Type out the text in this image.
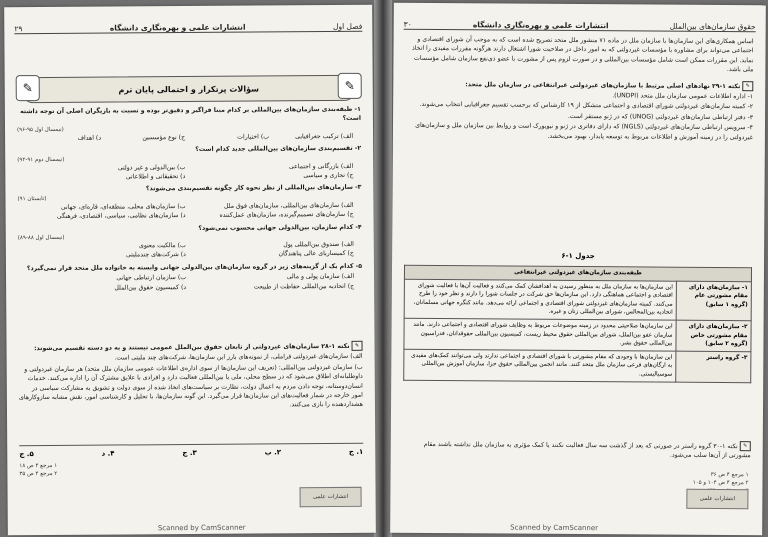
فصل اول
انتشارات علمی و بهره‌نگاری دانشگاه
۲۹
✎
سؤالات پرتکرار و احتمالی پایان ترم
✎

۱- طبقه‌بندی سازمان‌های بین‌المللی بر کدام مبنا فراگیر و دقیق‌تر بوده و نسبت به بازیگران اصلی آن توجه داشته است؟

(نیمسال اول ۹۵-۹۶)
الف) ترکیب جغرافیایی
ب) اختیارات
ج) نوع مؤسسین
د) اهداف

۲- تقسیم‌بندی سازمان‌های بین‌المللی جدید کدام است؟

(نیمسال دوم ۹۱-۹۲)
الف) بازرگانی و اجتماعی
ب) بین‌الدولی و غیر دولتی
ج) تجاری و سیاسی
د) تحقیقاتی و اطلاعاتی

۳- سازمان‌های بین‌المللی از نظر نحوه کار چگونه تقسیم‌بندی می‌شوند؟

(تابستان ۹۱)
الف) سازمان‌های بین‌المللی، سازمان‌های فوق ملل
ب) سازمان‌های محلی، منطقه‌ای، قاره‌ای، جهانی
ج) سازمان‌های تصمیم‌گیرنده، سازمان‌های عمل‌کننده
د) سازمان‌های نظامی، سیاسی، اقتصادی، فرهنگی

۴- کدام سازمان، بین‌الدولی جهانی محسوب نمی‌شود؟

(نیمسال اول ۸۸-۸۹)
الف) صندوق بین‌المللی پول
ب) مالکیت معنوی
ج) کمیساریای عالی پناهندگان
د) شرکت‌های چندملیتی

۵- کدام یک از گزینه‌های زیر در گروه سازمان‌های بین‌الدولی جهانی وابسته به خانواده ملل متحد قرار نمی‌گیرد؟

الف) سازمان پولی و مالی
ب) سازمان ارتباطی جهانی
ج) اتحادیه بین‌المللی حفاظت از طبیعت
د) کمیسیون حقوق بین‌الملل

✎نکته ۱-۲۸ سازمان‌های غیردولتی از تابعان حقوق بین‌الملل عمومی نیستند و به دو دسته تقسیم می‌شوند:

الف) سازمان‌های غیردولتی فراملی، از نمونه‌های بارز این سازمان‌ها، شرکت‌های چند ملیتی است.

ب) سازمان غیردولتی بین‌المللی: (تعریف این سازمان‌ها از سوی اداره‌ی اطلاعات عمومی سازمان ملل متحد) هر سازمان غیردولتی و داوطلبانه‌ای اطلاق می‌شود که در سطح محلی، ملی یا بین‌المللی فعالیت دارد و افرادی با علایق مشترک آن را اداره می‌کنند. خدمات انسان‌دوستانه، توجه دادن مردم به اعمال دولت، نظارت بر سیاست‌های اتخاذ شده از سوی دولت و تشویق به مشارکت سیاسی در امور خارجه در شمار فعالیت‌های این سازمان‌ها قرار می‌گیرد. این گونه سازمان‌ها، با تحلیل و کارشناسی امور، نقش مشابه سازوکارهای هشداردهنده را بازی می‌کنند.

۱. ج
۲. ب
۳. ج
۴. د
۵. ج
۱ مرجع ۴ ص ۱۸
۲ مرجع ۴ ص ۳۵
انتشارات علمی
Scanned by CamScanner
حقوق سازمان‌های بین‌الملل
انتشارات علمی و بهره‌نگاری دانشگاه
۳۰

اساس همکاری‌های این سازمان‌ها با سازمان ملل در ماده ۷۱ منشور ملل متحد تصریح شده است که به موجب آن شورای اقتصادی و اجتماعی می‌تواند برای مشاوره با مؤسسات غیردولتی که به امور داخل در صلاحیت شورا اشتغال دارند هرگونه مقررات مفیدی را اتخاذ نماید. این مقررات ممکن است شامل مؤسسات بین‌المللی و در صورت لزوم پس از مشورت با عضو ذی‌نفع سازمان شامل مؤسسات ملی باشد.

✎نکته ۱-۲۹ نهادهای اصلی مرتبط با سازمان‌های غیردولتی غیرانتفاعی در سازمان ملل متحد:

۱- اداره اطلاعات عمومی سازمان ملل متحد (UNDPI).

۲- کمیته سازمان‌های غیردولتی شورای اقتصادی و اجتماعی متشکل از ۱۹ کارشناس که برحسب تقسیم جغرافیایی انتخاب می‌شوند.

۳- دفتر ارتباطی سازمان‌های غیردولتی (UNOG) که در ژنو مستقر است.

۴- سرویس ارتباطی سازمان‌های غیردولتی (NGLS) که دارای دفاتری در ژنو و نیویورک است و روابط بین سازمان ملل و سازمان‌های غیردولتی را در زمینه آموزش و اطلاعات مربوط به توسعه پایدار، بهبود می‌بخشد.

جدول ۱-۶
طبقه‌بندی سازمان‌های غیردولتی غیرانتفاعی	
۱- سازمان‌های دارای مقام مشورتی عام (گروه ۱ سابق)	این سازمان‌ها به سازمان ملل به منظور رسیدن به اهدافشان کمک می‌کنند و فعالیت آن‌ها با فعالیت شورای اقتصادی و اجتماعی هماهنگی دارد. این سازمان‌ها حق شرکت در جلسات شورا را دارند و نظر خود را طرح می‌کنند. کمیته سازمان‌های غیردولتی شورای اقتصادی و اجتماعی ارائه می‌دهد. مانند کنگره جهانی مسلمانان، اتحادیه بین‌المجالس، شورای بین‌المللی زنان و غیره.
۲- سازمان‌های دارای مقام مشورتی خاص (گروه ۲ سابق)	این سازمان‌ها صلاحیتی محدود در زمینه موضوعات مربوط به وظایف شورای اقتصادی و اجتماعی دارند. مانند سازمان عفو بین‌الملل، شورای بین‌المللی حقوق محیط زیست، کمیسیون بین‌المللی حقوقدانان، فدراسیون بین‌المللی حقوق بشر.
۳- گروه راستر	این سازمان‌ها با وجودی که مقام مشورتی با شورای اقتصادی و اجتماعی ندارند ولی می‌توانند کمک‌های مفیدی به ارگان‌های فرعی سازمان ملل متحد کنند. مانند انجمن بین‌المللی حقوق جزا، سازمان آموزش بین‌المللی سوسیالیستی.

✎نکته ۱-۳۰ گروه راستر در صورتی که بعد از گذشت سه سال فعالیت نکنند یا کمک مؤثری به سازمان ملل نداشته باشند مقام مشورتی از آن‌ها سلب می‌شود.

۱ مرجع ۴ ص ۳۶
۲ مرجع ۴ ص ۱۰۴ و ۱۰۵
انتشارات علمی
Scanned by CamScanner
